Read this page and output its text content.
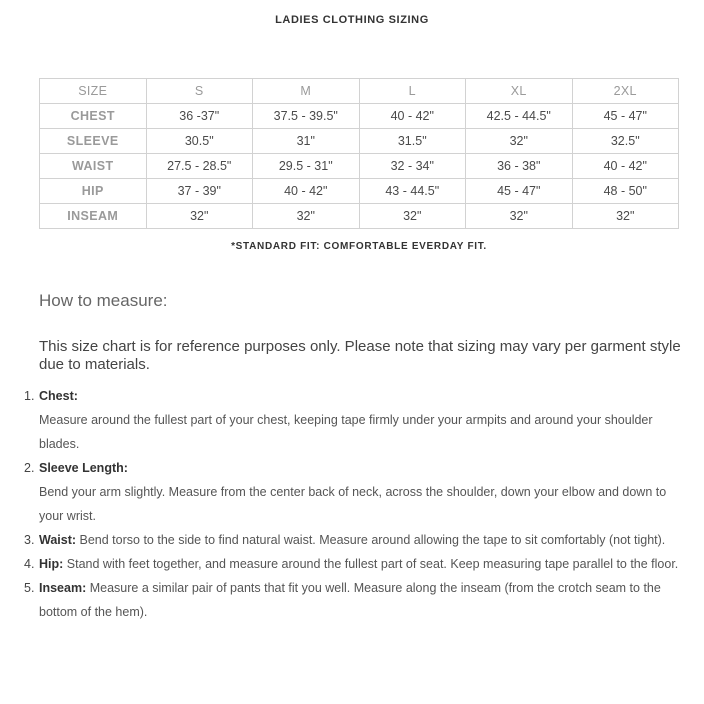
LADIES CLOTHING SIZING
SIZE	S	M	L	XL	2XL
CHEST	36 -37"	37.5 - 39.5"	40 - 42"	42.5 - 44.5"	45 - 47"
SLEEVE	30.5"	31"	31.5"	32"	32.5"
WAIST	27.5 - 28.5"	29.5 - 31"	32 - 34"	36 - 38"	40 - 42"
HIP	37 - 39"	40 - 42"	43 - 44.5"	45 - 47"	48 - 50"
INSEAM	32"	32"	32"	32"	32"
*STANDARD FIT: COMFORTABLE EVERDAY FIT.
How to measure:
This size chart is for reference purposes only. Please note that sizing may vary per garment style due to materials.
1. Chest:
Measure around the fullest part of your chest, keeping tape firmly under your armpits and around your shoulder blades.
2. Sleeve Length:
Bend your arm slightly. Measure from the center back of neck, across the shoulder, down your elbow and down to your wrist.
3. Waist: Bend torso to the side to find natural waist. Measure around allowing the tape to sit comfortably (not tight).
4. Hip: Stand with feet together, and measure around the fullest part of seat. Keep measuring tape parallel to the floor.
5. Inseam: Measure a similar pair of pants that fit you well. Measure along the inseam (from the crotch seam to the bottom of the hem).
